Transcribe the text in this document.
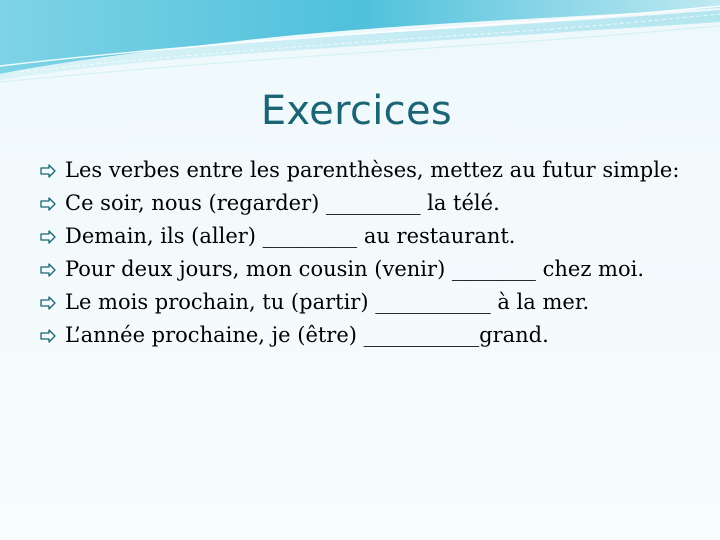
Exercices
Les verbes entre les parenthèses, mettez au futur simple:
Ce soir, nous (regarder) _________ la télé.
Demain, ils (aller) _________ au restaurant.
Pour deux jours, mon cousin (venir) ________ chez moi.
Le mois prochain, tu (partir) ___________ à la mer.
L’année prochaine, je (être) ___________grand.
